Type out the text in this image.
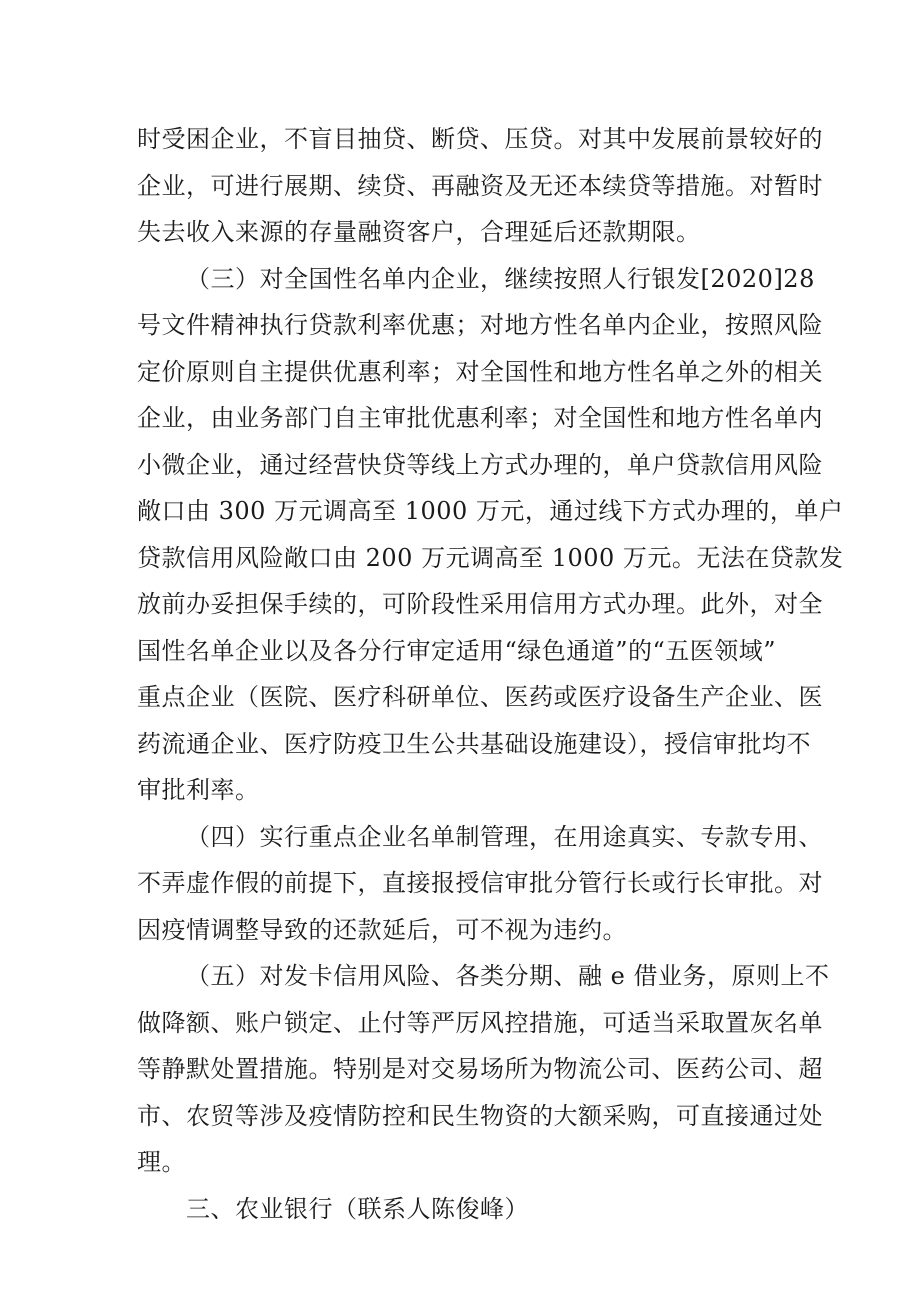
时受困企业，不盲目抽贷、断贷、压贷。对其中发展前景较好的
企业，可进行展期、续贷、再融资及无还本续贷等措施。对暂时
失去收入来源的存量融资客户，合理延后还款期限。
（三）对全国性名单内企业，继续按照人行银发[2020]28
号文件精神执行贷款利率优惠；对地方性名单内企业，按照风险
定价原则自主提供优惠利率；对全国性和地方性名单之外的相关
企业，由业务部门自主审批优惠利率；对全国性和地方性名单内
小微企业，通过经营快贷等线上方式办理的，单户贷款信用风险
敞口由 300 万元调高至 1000 万元，通过线下方式办理的，单户
贷款信用风险敞口由 200 万元调高至 1000 万元。无法在贷款发
放前办妥担保手续的，可阶段性采用信用方式办理。此外，对全
国性名单企业以及各分行审定适用“绿色通道”的“五医领域”
重点企业（医院、医疗科研单位、医药或医疗设备生产企业、医
药流通企业、医疗防疫卫生公共基础设施建设），授信审批均不
审批利率。
（四）实行重点企业名单制管理，在用途真实、专款专用、
不弄虚作假的前提下，直接报授信审批分管行长或行长审批。对
因疫情调整导致的还款延后，可不视为违约。
（五）对发卡信用风险、各类分期、融 e 借业务，原则上不
做降额、账户锁定、止付等严厉风控措施，可适当采取置灰名单
等静默处置措施。特别是对交易场所为物流公司、医药公司、超
市、农贸等涉及疫情防控和民生物资的大额采购，可直接通过处
理。
三、农业银行（联系人陈俊峰）
